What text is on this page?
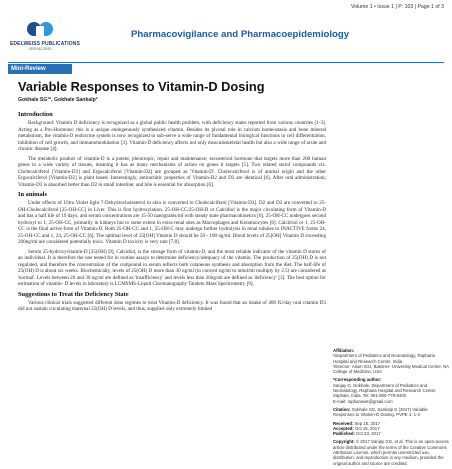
Volume 1 • Issue 1 | P: 103 | Page 1 of 3
EDELWEISS PUBLICATIONS
OPEN ACCESS
Pharmacovigilance and Pharmacoepidemiology
Mini-Review
Variable Responses to Vitamin-D Dosing
Gokhale SG¹*, Gokhale Sankalp²
Introduction

Background: Vitamin D deficiency is recognized as a global public health problem, with deficiency states reported from various countries [1-3]. Acting as a Pro-Hormone; this is a unique endogenously synthesized vitamin. Besides its pivotal role in calcium homeostasis and bone mineral metabolism, the vitamin-D endocrine system is now recognized to sub-serve a wide range of fundamental biological functions in cell differentiation, inhibition of cell growth, and immunomodulation [3]. Vitamin-D deficiency affects not only musculoskeletal health but also a wide range of acute and chronic disease [4].

The metabolic product of vitamin-D is a potent, pleiotropic, repair and maintenance; secosteroid hormone that targets more than 200 human genes in a wide variety of tissues, meaning it has as many mechanisms of action on genes it targets [5]. Two related sterol compounds viz. Cholecalciferol [Vitamin-D3] and Ergocalciferol [Vitamin-D2] are grouped as 'Vitamin-D'. Cholecalciferol is of animal origin and the other Ergocalciferol [Vitamin-D2] is plant based. Interestingly, antirachitic properties of Vitamin-D2 and D3 are identical [6]. After oral administration; Vitamin-D3 is absorbed better than D2 in small intestine; and bile is essential for absorption [6].

In animals

Under effects of Ultra Violet light 7-Dehydrocholesterol in skin is converted to Cholecalciferol [Vitamin-D3]. D2 and D3 are converted to 25-OH-Cholecalciferol [25-OH-CC] in Liver. This is first hydroxylation. 25-OH-CC/25-OH-D or Calcidiol is the major circulating form of Vitamin-D and has a half life of 19 days; and serum concentrations are 15-50 nanograms/ml with steady state pharmacokinetics [6]. 25-OH-CC undergoes second hydroxyl to 1, 25-OH-CC, primarily in kidneys but to some extent in extra-renal sites as Macrophages and Keratinocytes [6]. Calcitriol or 1, 25-OH-CC is the final active form of Vitamin-D. Both 25-OH-CC and 1, 25-OH-C may undergo further hydrolysis in renal tubules to INACTIVE forms 24, 25-OH-CC and 1, 24, 25-OH-CC [6]. The optimal level of 25[OH] Vitamin D should be 50 - 100 ng/ml. Blood levels of 25[OH] Vitamin D exceeding 200ng/ml are considered potentially toxic. Vitamin D toxicity is very rare [7,8].

Serum 25-hydroxyvitamin-D [25(OH) D], Calcidiol, is the storage form of vitamin-D, and the most reliable indicator of the vitamin D stores of an individual. It is therefore the one tested for in routine assays to determine deficiency/adequacy of the vitamin. The production of 25(OH) D is not regulated, and therefore the concentration of the compound in serum reflects both cutaneous synthesis and absorption from the diet. The half-life of 25(OH) D is about six weeks. Biochemically, levels of 25(OH) D more than 30 ng/ml (to convert ng/ml to nmol/ml multiply by 2.5) are considered as 'normal'. Levels between 20 and 30 ng/ml are defined as 'insufficiency' and levels less than 20ng/ml are defined as 'deficiency' [3]. The best option for estimation of vitamin- D levels in laboratory is LCMSMS-Liquid Chromatography Tandem Mass Spectrometry [9].

Suggestions to Treat the Deficiency State

Various clinical trials suggested different dose regimes to treat Vitamin-D deficiency. It was found that an intake of 400 IU/day oral vitamin D3 did not sustain circulating maternal 25(OH) D levels, and thus, supplied only extremely limited

Affiliation:
¹Department of Pediatrics and Neonatology, Raphana Hospital and Research Center, India
²Director- Aiium ICU, Bakimer- University Medical Center, NA College of Medicine, USA
*Corresponding author:
Sanjay G. Gokhale, Department of Pediatrics and Neonatology, Raphana Hospital and Research Center, Saphale, India. Tel: 091-800-779-8400
E-mail: raphanaws@gmail.com
Citation: Gokhale SG, Sankalp G (2017) Variable Responses to Vitamin-D Dosing. PVPE 1: 1-3
Received: Sep 15, 2017
Accepted: Oct 15, 2017
Published: Oct 23, 2017
Copyright: © 2017 Sanjay GG, et al. This is an open-access article distributed under the terms of the Creative Commons Attribution License, which permits unrestricted use, distribution, and reproduction in any medium, provided the original author and source are credited.
